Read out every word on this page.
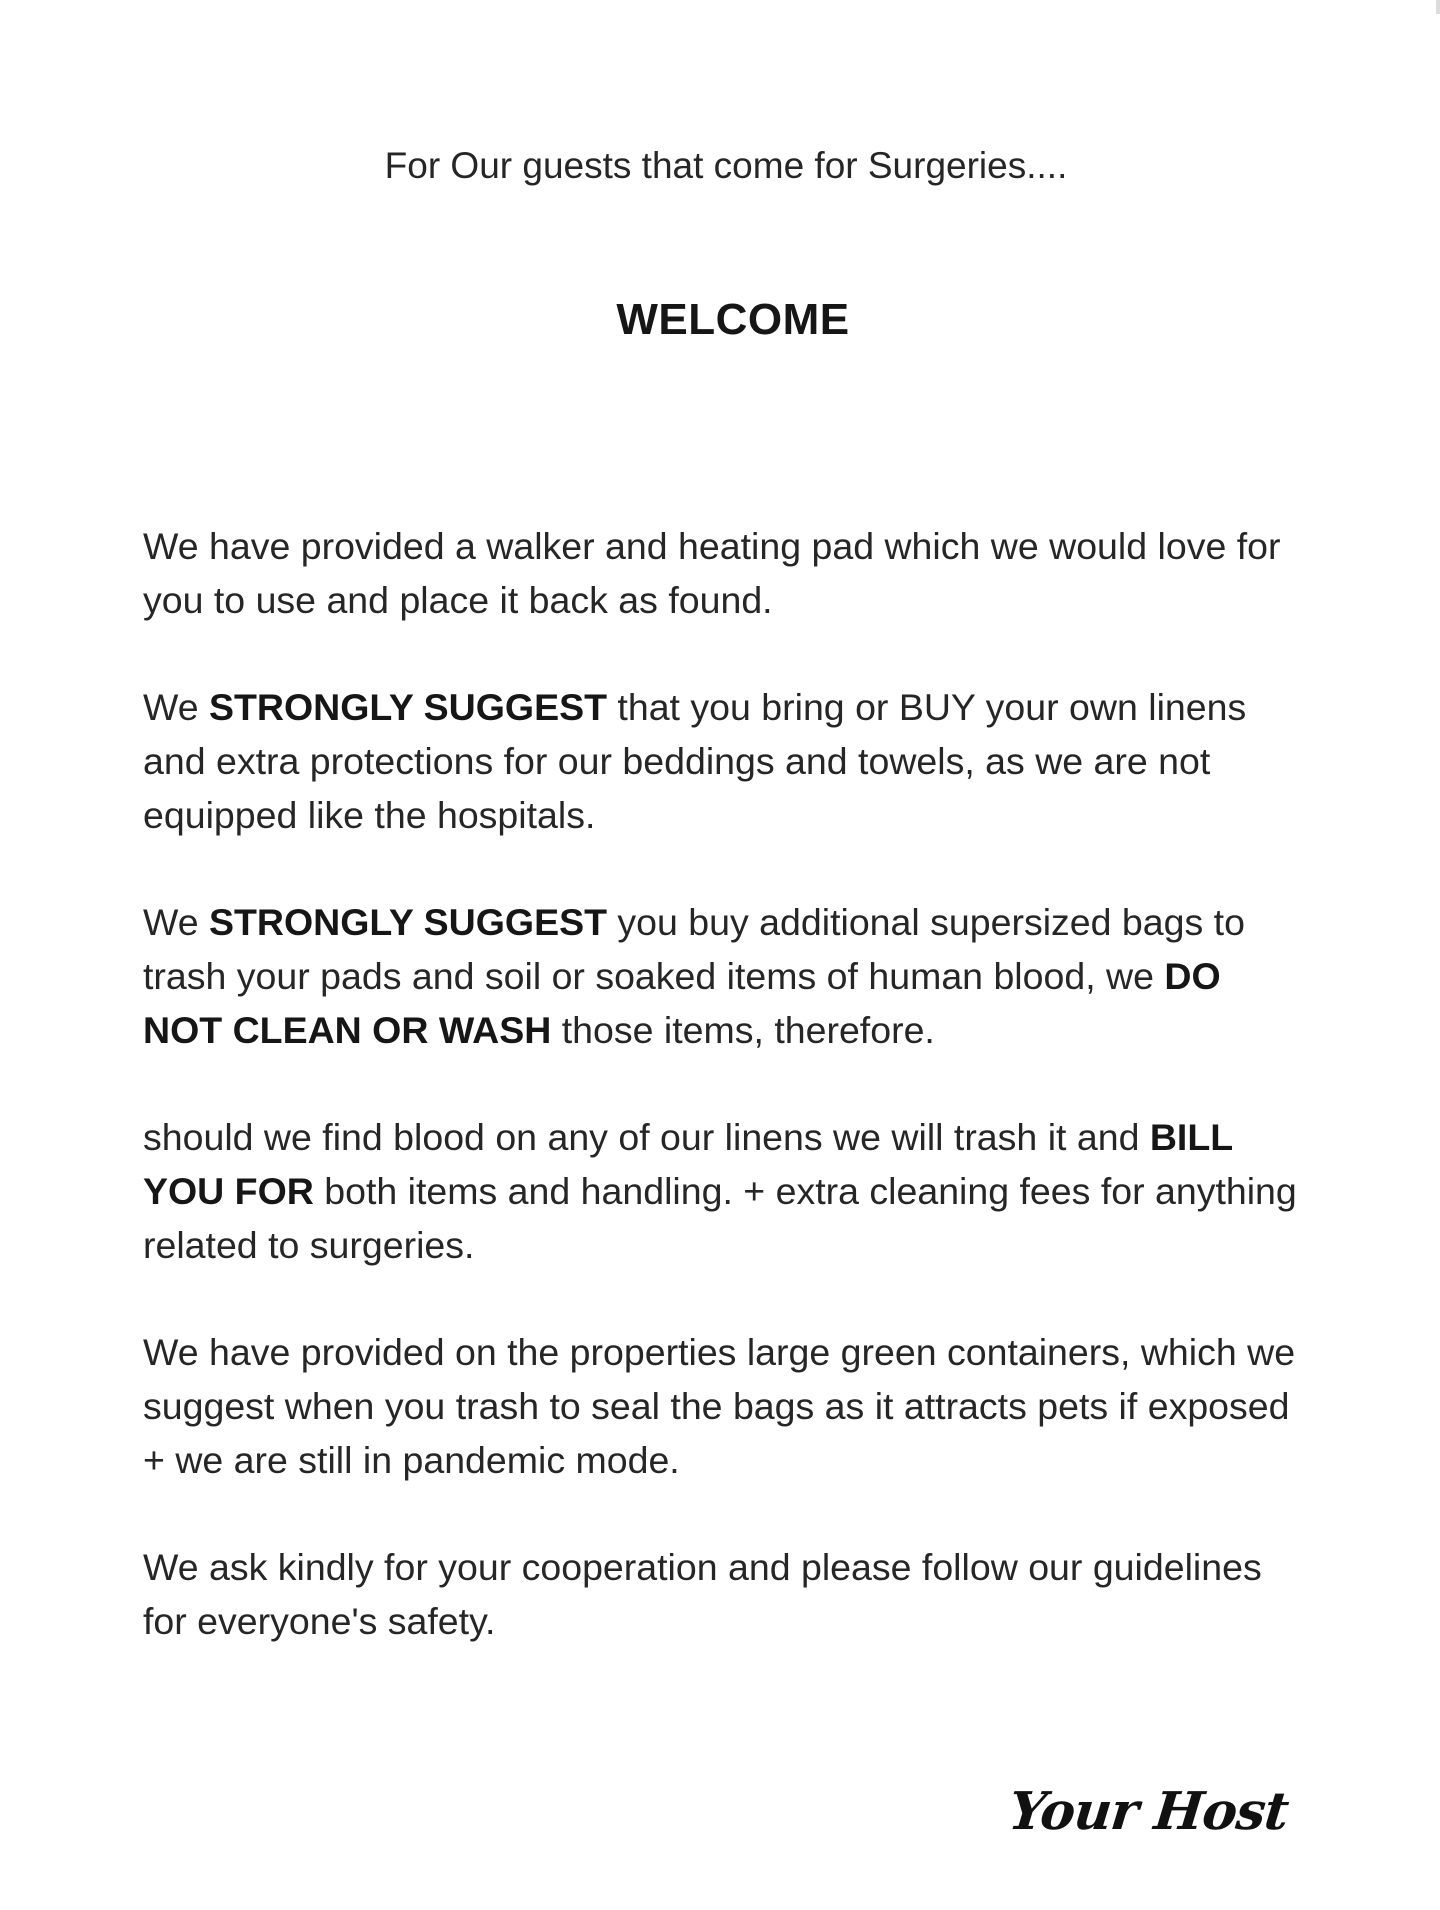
For Our guests that come for Surgeries....
WELCOME

We have provided a walker and heating pad which we would love for you to use and place it back as found.

We STRONGLY SUGGEST that you bring or BUY your own linens and extra protections for our beddings and towels, as we are not equipped like the hospitals.

We STRONGLY SUGGEST you buy additional supersized bags to trash your pads and soil or soaked items of human blood, we DO NOT CLEAN OR WASH those items, therefore.

should we find blood on any of our linens we will trash it and BILL YOU FOR both items and handling. + extra cleaning fees for anything related to surgeries.

We have provided on the properties large green containers, which we suggest when you trash to seal the bags as it attracts pets if exposed + we are still in pandemic mode.

We ask kindly for your cooperation and please follow our guidelines for everyone's safety.

Your Host
